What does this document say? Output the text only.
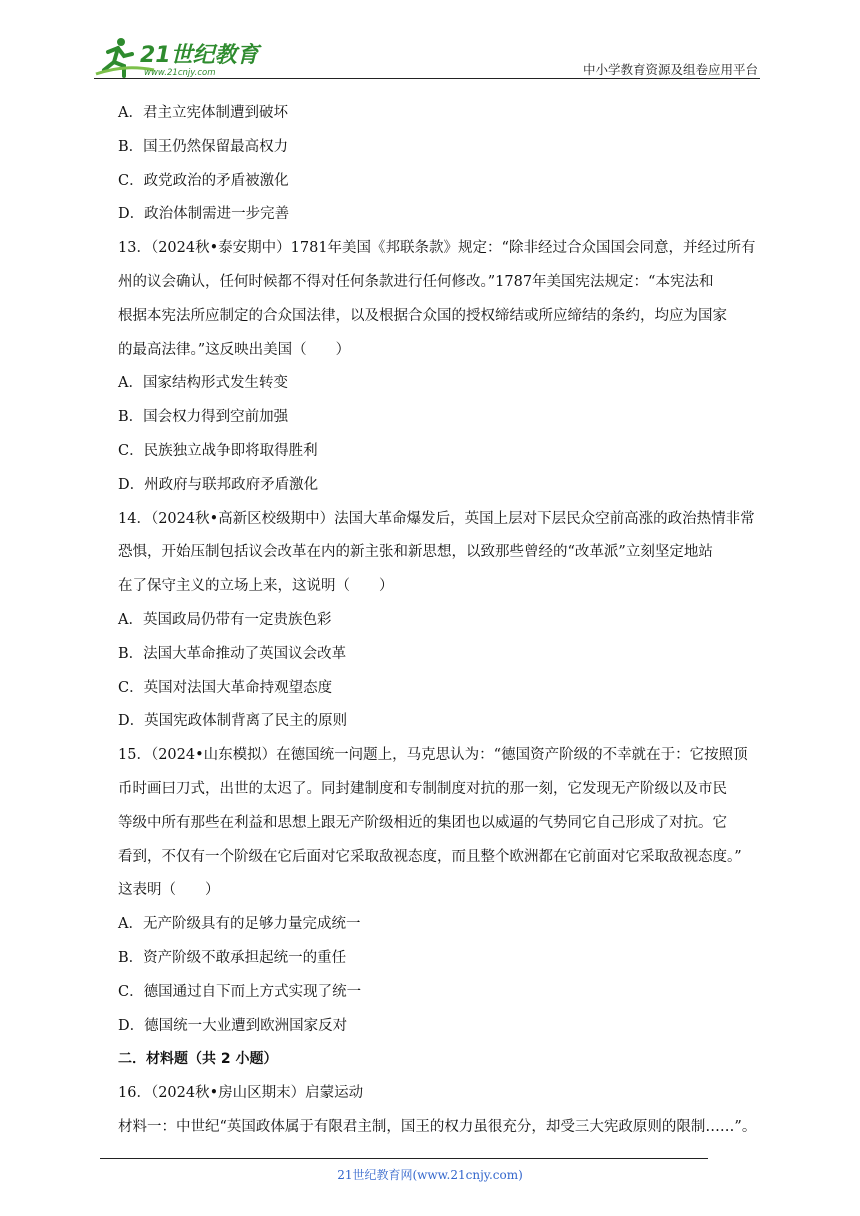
21世纪教育
www.21cnjy.com	中小学教育资源及组卷应用平台
A．君主立宪体制遭到破坏
B．国王仍然保留最高权力
C．政党政治的矛盾被激化
D．政治体制需进一步完善
13．（2024秋•泰安期中）1781年美国《邦联条款》规定：“除非经过合众国国会同意，并经过所有
州的议会确认，任何时候都不得对任何条款进行任何修改。”1787年美国宪法规定：“本宪法和
根据本宪法所应制定的合众国法律，以及根据合众国的授权缔结或所应缔结的条约，均应为国家
的最高法律。”这反映出美国（　　）
A．国家结构形式发生转变
B．国会权力得到空前加强
C．民族独立战争即将取得胜利
D．州政府与联邦政府矛盾激化
14．（2024秋•高新区校级期中）法国大革命爆发后，英国上层对下层民众空前高涨的政治热情非常
恐惧，开始压制包括议会改革在内的新主张和新思想，以致那些曾经的“改革派”立刻坚定地站
在了保守主义的立场上来，这说明（　　）
A．英国政局仍带有一定贵族色彩
B．法国大革命推动了英国议会改革
C．英国对法国大革命持观望态度
D．英国宪政体制背离了民主的原则
15．（2024•山东模拟）在德国统一问题上，马克思认为：“德国资产阶级的不幸就在于：它按照顶
币时画曰刀式，出世的太迟了。同封建制度和专制制度对抗的那一刻，它发现无产阶级以及市民
等级中所有那些在利益和思想上跟无产阶级相近的集团也以威逼的气势同它自己形成了对抗。它
看到，不仅有一个阶级在它后面对它采取敌视态度，而且整个欧洲都在它前面对它采取敌视态度。”
这表明（　　）
A．无产阶级具有的足够力量完成统一
B．资产阶级不敢承担起统一的重任
C．德国通过自下而上方式实现了统一
D．德国统一大业遭到欧洲国家反对
二．材料题（共 2 小题）
16．（2024秋•房山区期末）启蒙运动
材料一：中世纪“英国政体属于有限君主制，国王的权力虽很充分，却受三大宪政原则的限制……”。
21世纪教育网(www.21cnjy.com)
